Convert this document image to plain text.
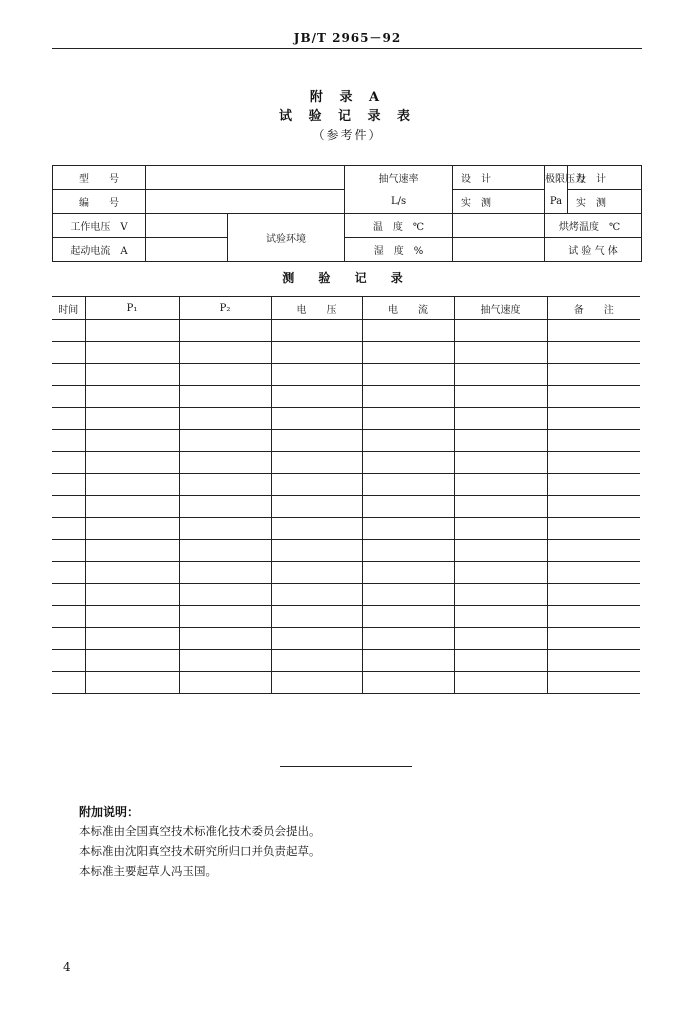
JB/T 2965－92
附 录 A
试 验 记 录 表
（参考件）
型　　号			抽气速率	设　计	极限压力	设　计
编　　号			L/s	实　测	Pa	实　测
工作电压　V		试验环境	温　度　℃		烘烤温度　℃	
起动电流　A			湿　度　%		试 验 气 体	
测 验 记 录
时间	P₁	P₂	电　　压	电　　流	抽气速度	备　　注

附加说明：
本标准由全国真空技术标准化技术委员会提出。
本标准由沈阳真空技术研究所归口并负责起草。
本标准主要起草人冯玉国。
4
